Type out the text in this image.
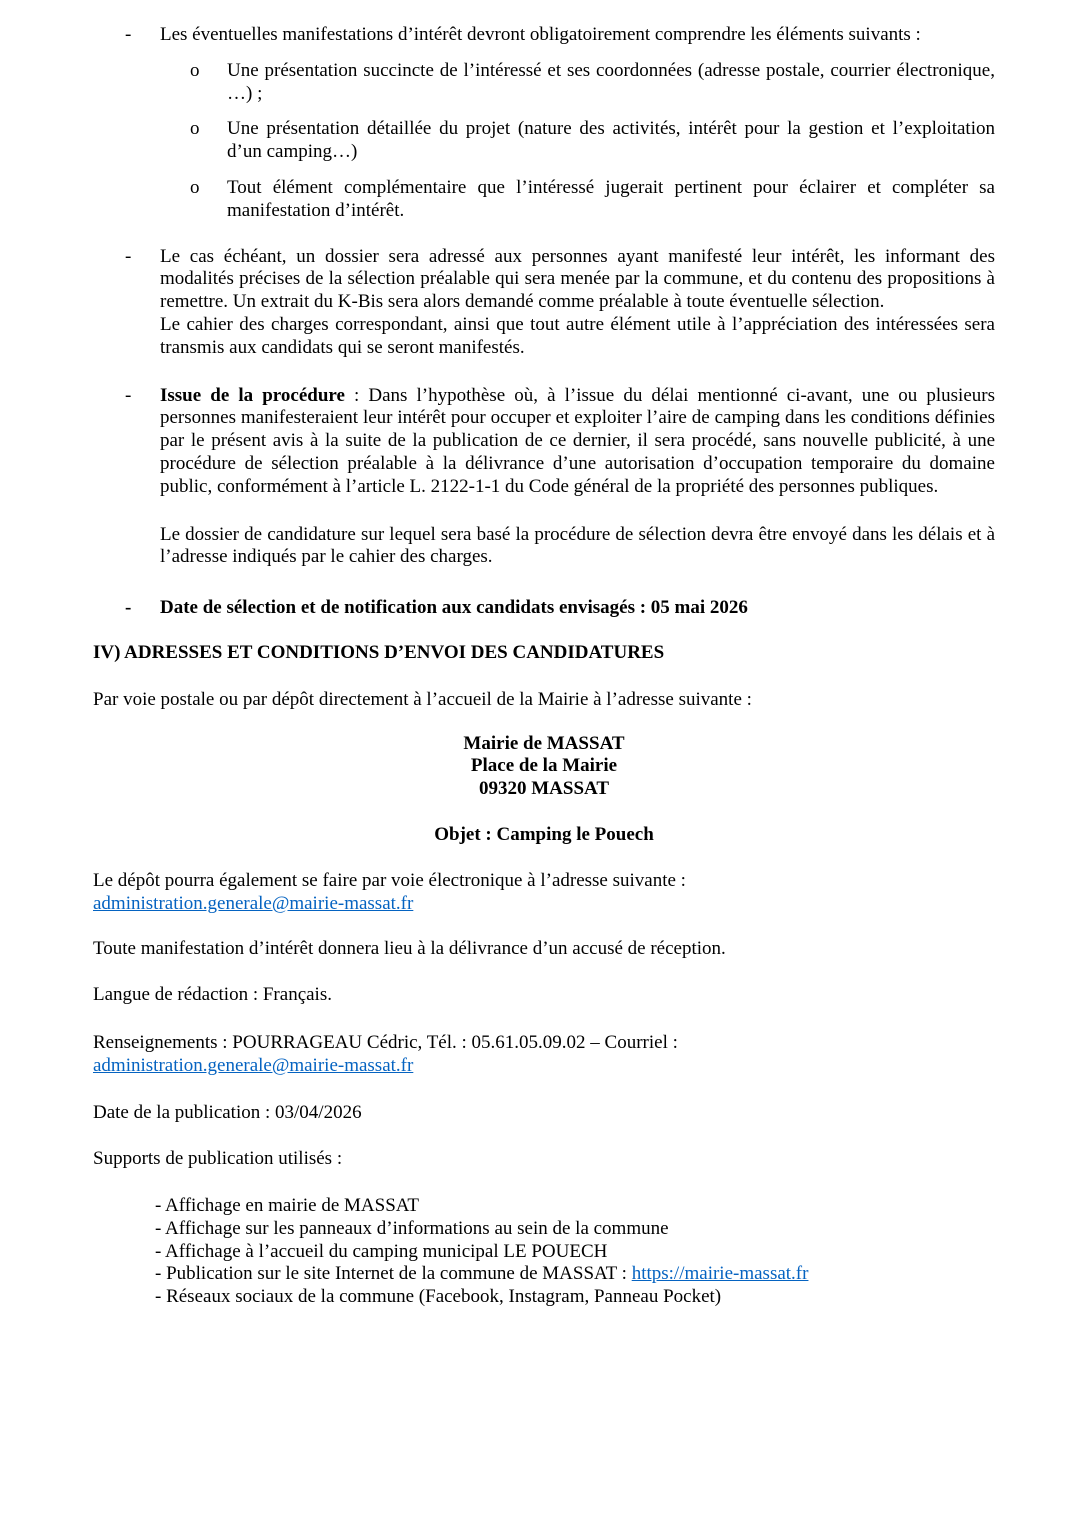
- Les éventuelles manifestations d’intérêt devront obligatoirement comprendre les éléments suivants :
o Une présentation succincte de l’intéressé et ses coordonnées (adresse postale, courrier électronique, …) ;
o Une présentation détaillée du projet (nature des activités, intérêt pour la gestion et l’exploitation d’un camping…)
o Tout élément complémentaire que l’intéressé jugerait pertinent pour éclairer et compléter sa manifestation d’intérêt.
- Le cas échéant, un dossier sera adressé aux personnes ayant manifesté leur intérêt, les informant des modalités précises de la sélection préalable qui sera menée par la commune, et du contenu des propositions à remettre. Un extrait du K-Bis sera alors demandé comme préalable à toute éventuelle sélection.
Le cahier des charges correspondant, ainsi que tout autre élément utile à l’appréciation des intéressées sera transmis aux candidats qui se seront manifestés.
- Issue de la procédure : Dans l’hypothèse où, à l’issue du délai mentionné ci-avant, une ou plusieurs personnes manifesteraient leur intérêt pour occuper et exploiter l’aire de camping dans les conditions définies par le présent avis à la suite de la publication de ce dernier, il sera procédé, sans nouvelle publicité, à une procédure de sélection préalable à la délivrance d’une autorisation d’occupation temporaire du domaine public, conformément à l’article L. 2122-1-1 du Code général de la propriété des personnes publiques.
Le dossier de candidature sur lequel sera basé la procédure de sélection devra être envoyé dans les délais et à l’adresse indiqués par le cahier des charges.
- Date de sélection et de notification aux candidats envisagés : 05 mai 2026
IV) ADRESSES ET CONDITIONS D’ENVOI DES CANDIDATURES
Par voie postale ou par dépôt directement à l’accueil de la Mairie à l’adresse suivante :
Mairie de MASSAT
Place de la Mairie
09320 MASSAT
Objet : Camping le Pouech
Le dépôt pourra également se faire par voie électronique à l’adresse suivante : administration.generale@mairie-massat.fr
Toute manifestation d’intérêt donnera lieu à la délivrance d’un accusé de réception.
Langue de rédaction : Français.
Renseignements : POURRAGEAU Cédric, Tél. : 05.61.05.09.02 – Courriel : administration.generale@mairie-massat.fr
Date de la publication : 03/04/2026
Supports de publication utilisés :
- Affichage en mairie de MASSAT
- Affichage sur les panneaux d’informations au sein de la commune
- Affichage à l’accueil du camping municipal LE POUECH
- Publication sur le site Internet de la commune de MASSAT : https://mairie-massat.fr
- Réseaux sociaux de la commune (Facebook, Instagram, Panneau Pocket)
